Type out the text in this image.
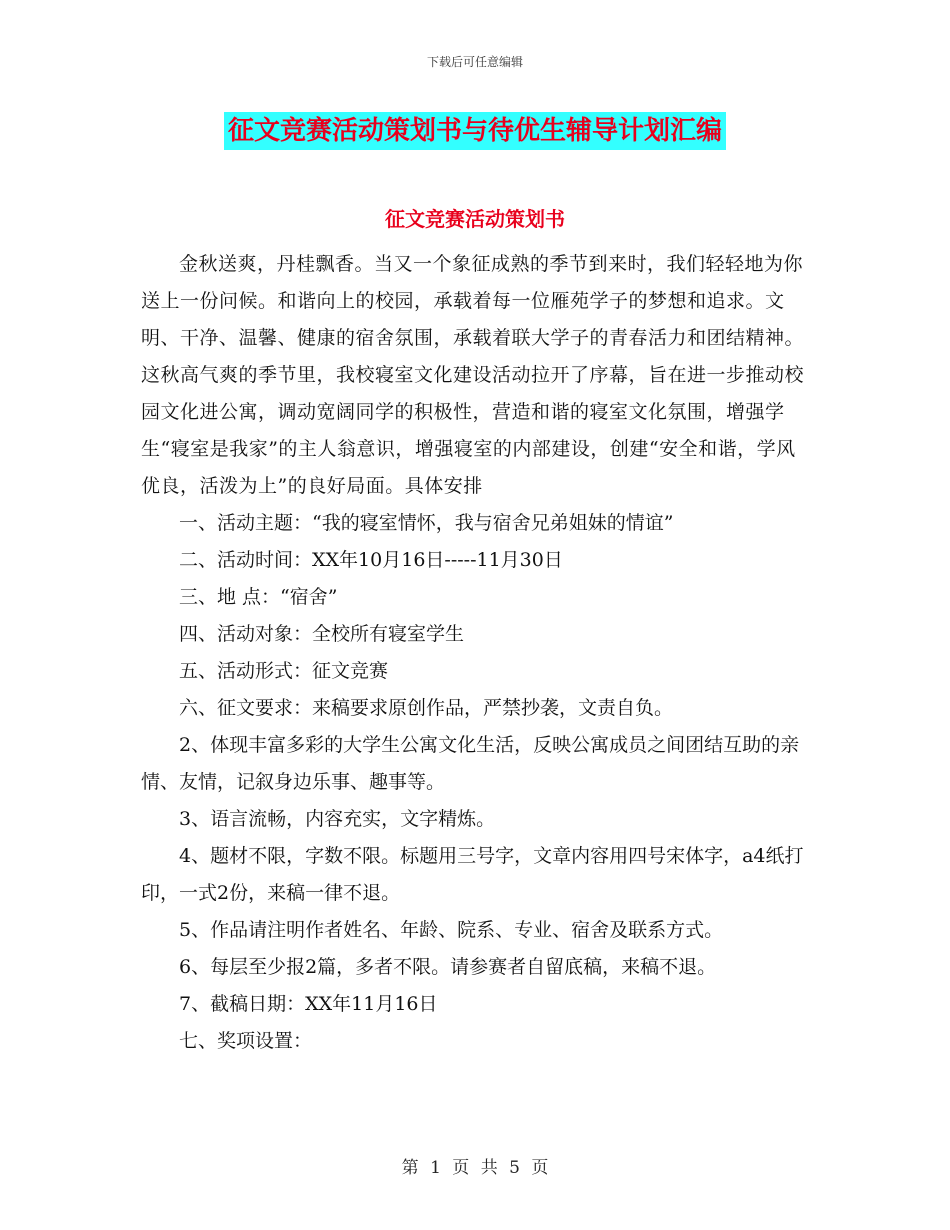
下载后可任意编辑
征文竞赛活动策划书与待优生辅导计划汇编
征文竞赛活动策划书

金秋送爽，丹桂飘香。当又一个象征成熟的季节到来时，我们轻轻地为你送上一份问候。和谐向上的校园，承载着每一位雁苑学子的梦想和追求。文明、干净、温馨、健康的宿舍氛围，承载着联大学子的青春活力和团结精神。这秋高气爽的季节里，我校寝室文化建设活动拉开了序幕，旨在进一步推动校园文化进公寓，调动宽阔同学的积极性，营造和谐的寝室文化氛围，增强学生“寝室是我家”的主人翁意识，增强寝室的内部建设，创建“安全和谐，学风优良，活泼为上”的良好局面。具体安排

一、活动主题：“我的寝室情怀，我与宿舍兄弟姐妹的情谊”

二、活动时间：XX年10月16日-----11月30日

三、地 点：“宿舍”

四、活动对象：全校所有寝室学生

五、活动形式：征文竞赛

六、征文要求：来稿要求原创作品，严禁抄袭，文责自负。

2、体现丰富多彩的大学生公寓文化生活，反映公寓成员之间团结互助的亲情、友情，记叙身边乐事、趣事等。

3、语言流畅，内容充实，文字精炼。

4、题材不限，字数不限。标题用三号字，文章内容用四号宋体字，a4纸打印，一式2份，来稿一律不退。

5、作品请注明作者姓名、年龄、院系、专业、宿舍及联系方式。

6、每层至少报2篇，多者不限。请参赛者自留底稿，来稿不退。

7、截稿日期：XX年11月16日

七、奖项设置：

第 1 页 共 5 页
